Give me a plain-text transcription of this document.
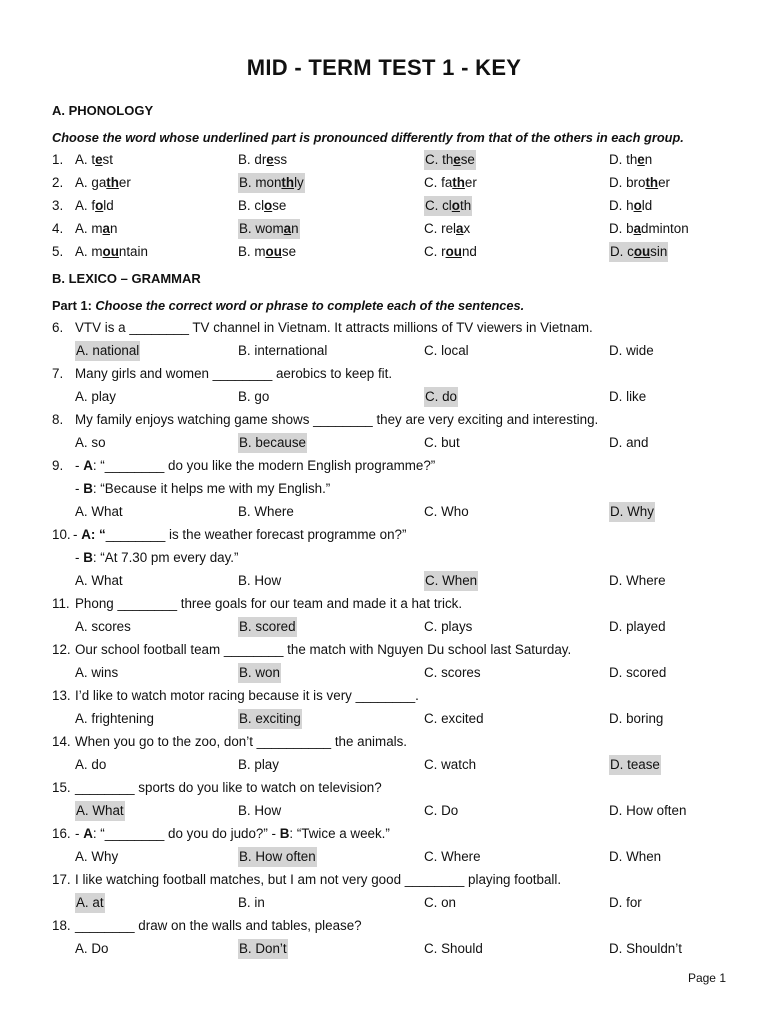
MID - TERM TEST 1 - KEY
A. PHONOLOGY
Choose the word whose underlined part is pronounced differently from that of the others in each group.
1. A. test	B. dress	C. these	D. then
2. A. gather	B. monthly	C. father	D. brother
3. A. fold	B. close	C. cloth	D. hold
4. A. man	B. woman	C. relax	D. badminton
5. A. mountain	B. mouse	C. round	D. cousin
B. LEXICO – GRAMMAR
Part 1: Choose the correct word or phrase to complete each of the sentences.
6. VTV is a ________ TV channel in Vietnam. It attracts millions of TV viewers in Vietnam.
A. national	B. international	C. local	D. wide
7. Many girls and women ________ aerobics to keep fit.
A. play	B. go	C. do	D. like
8. My family enjoys watching game shows ________ they are very exciting and interesting.
A. so	B. because	C. but	D. and
9. - A: “________ do you like the modern English programme?”
- B: “Because it helps me with my English.”
A. What	B. Where	C. Who	D. Why
10. - A: “________ is the weather forecast programme on?”
- B: “At 7.30 pm every day.”
A. What	B. How	C. When	D. Where
11. Phong ________ three goals for our team and made it a hat trick.
A. scores	B. scored	C. plays	D. played
12. Our school football team ________ the match with Nguyen Du school last Saturday.
A. wins	B. won	C. scores	D. scored
13. I’d like to watch motor racing because it is very ________.
A. frightening	B. exciting	C. excited	D. boring
14. When you go to the zoo, don’t __________ the animals.
A. do	B. play	C. watch	D. tease
15. ________ sports do you like to watch on television?
A. What	B. How	C. Do	D. How often
16. - A: “________ do you do judo?” - B: “Twice a week.”
A. Why	B. How often	C. Where	D. When
17. I like watching football matches, but I am not very good ________ playing football.
A. at	B. in	C. on	D. for
18. ________ draw on the walls and tables, please?
A. Do	B. Don’t	C. Should	D. Shouldn’t
Page 1
